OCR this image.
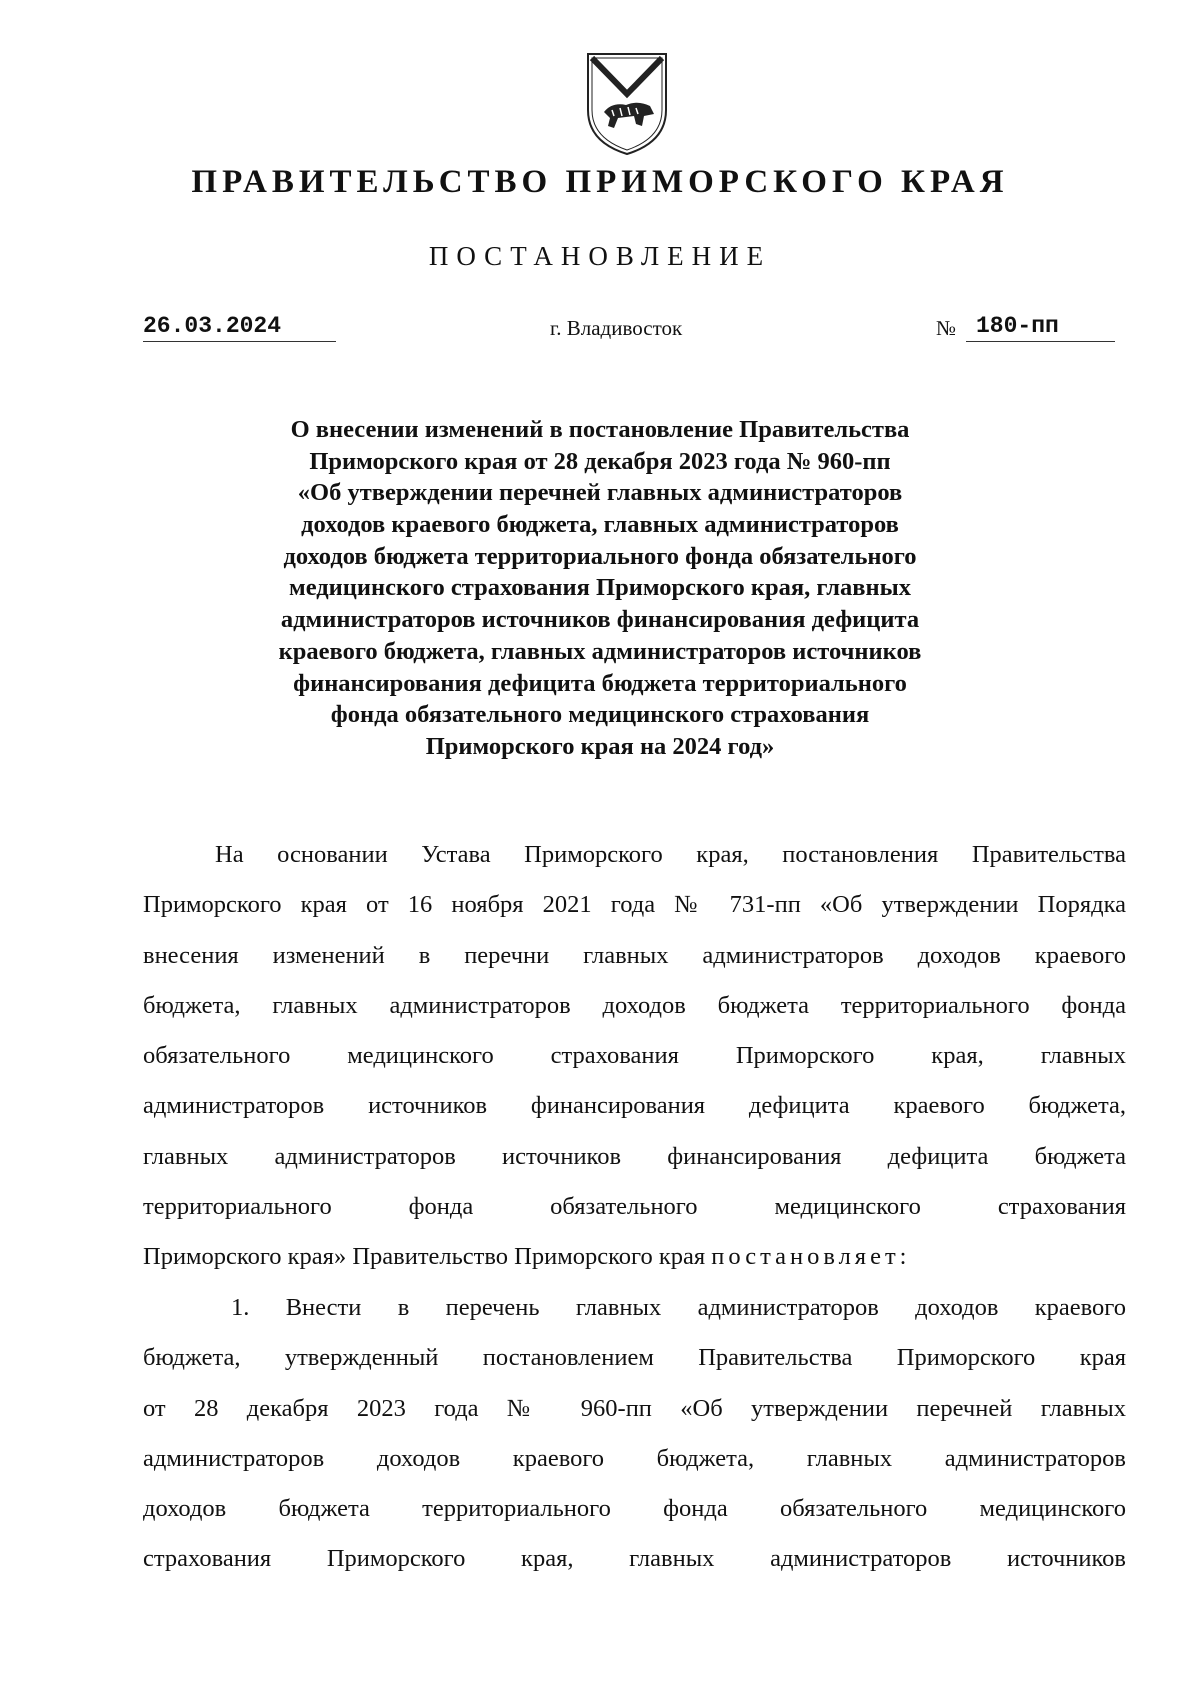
ПРАВИТЕЛЬСТВО ПРИМОРСКОГО КРАЯ
ПОСТАНОВЛЕНИЕ
26.03.2024	г. Владивосток	№ 180-пп
О внесении изменений в постановление Правительства
Приморского края от 28 декабря 2023 года № 960-пп
«Об утверждении перечней главных администраторов
доходов краевого бюджета, главных администраторов
доходов бюджета территориального фонда обязательного
медицинского страхования Приморского края, главных
администраторов источников финансирования дефицита
краевого бюджета, главных администраторов источников
финансирования дефицита бюджета территориального
фонда обязательного медицинского страхования
Приморского края на 2024 год»
На основании Устава Приморского края, постановления Правительства
Приморского края от 16 ноября 2021 года № 731-пп «Об утверждении Порядка
внесения изменений в перечни главных администраторов доходов краевого
бюджета, главных администраторов доходов бюджета территориального фонда
обязательного медицинского страхования Приморского края, главных
администраторов источников финансирования дефицита краевого бюджета,
главных администраторов источников финансирования дефицита бюджета
территориального фонда обязательного медицинского страхования
Приморского края» Правительство Приморского края постановляет:
1. Внести в перечень главных администраторов доходов краевого
бюджета, утвержденный постановлением Правительства Приморского края
от 28 декабря 2023 года № 960-пп «Об утверждении перечней главных
администраторов доходов краевого бюджета, главных администраторов
доходов бюджета территориального фонда обязательного медицинского
страхования Приморского края, главных администраторов источников
